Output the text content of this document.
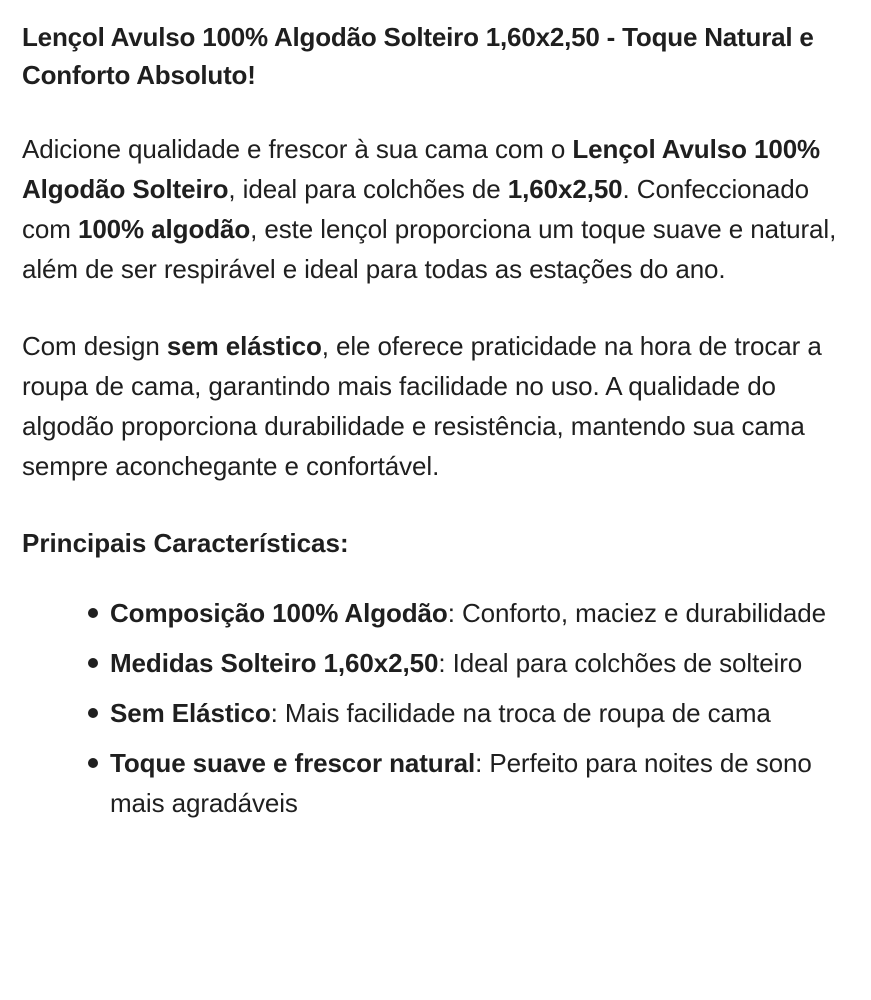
Lençol Avulso 100% Algodão Solteiro 1,60x2,50 - Toque Natural e Conforto Absoluto!

Adicione qualidade e frescor à sua cama com o Lençol Avulso 100% Algodão Solteiro, ideal para colchões de 1,60x2,50. Confeccionado com 100% algodão, este lençol proporciona um toque suave e natural, além de ser respirável e ideal para todas as estações do ano.

Com design sem elástico, ele oferece praticidade na hora de trocar a roupa de cama, garantindo mais facilidade no uso. A qualidade do algodão proporciona durabilidade e resistência, mantendo sua cama sempre aconchegante e confortável.

Principais Características:
Composição 100% Algodão: Conforto, maciez e durabilidade
Medidas Solteiro 1,60x2,50: Ideal para colchões de solteiro
Sem Elástico: Mais facilidade na troca de roupa de cama
Toque suave e frescor natural: Perfeito para noites de sono mais agradáveis
